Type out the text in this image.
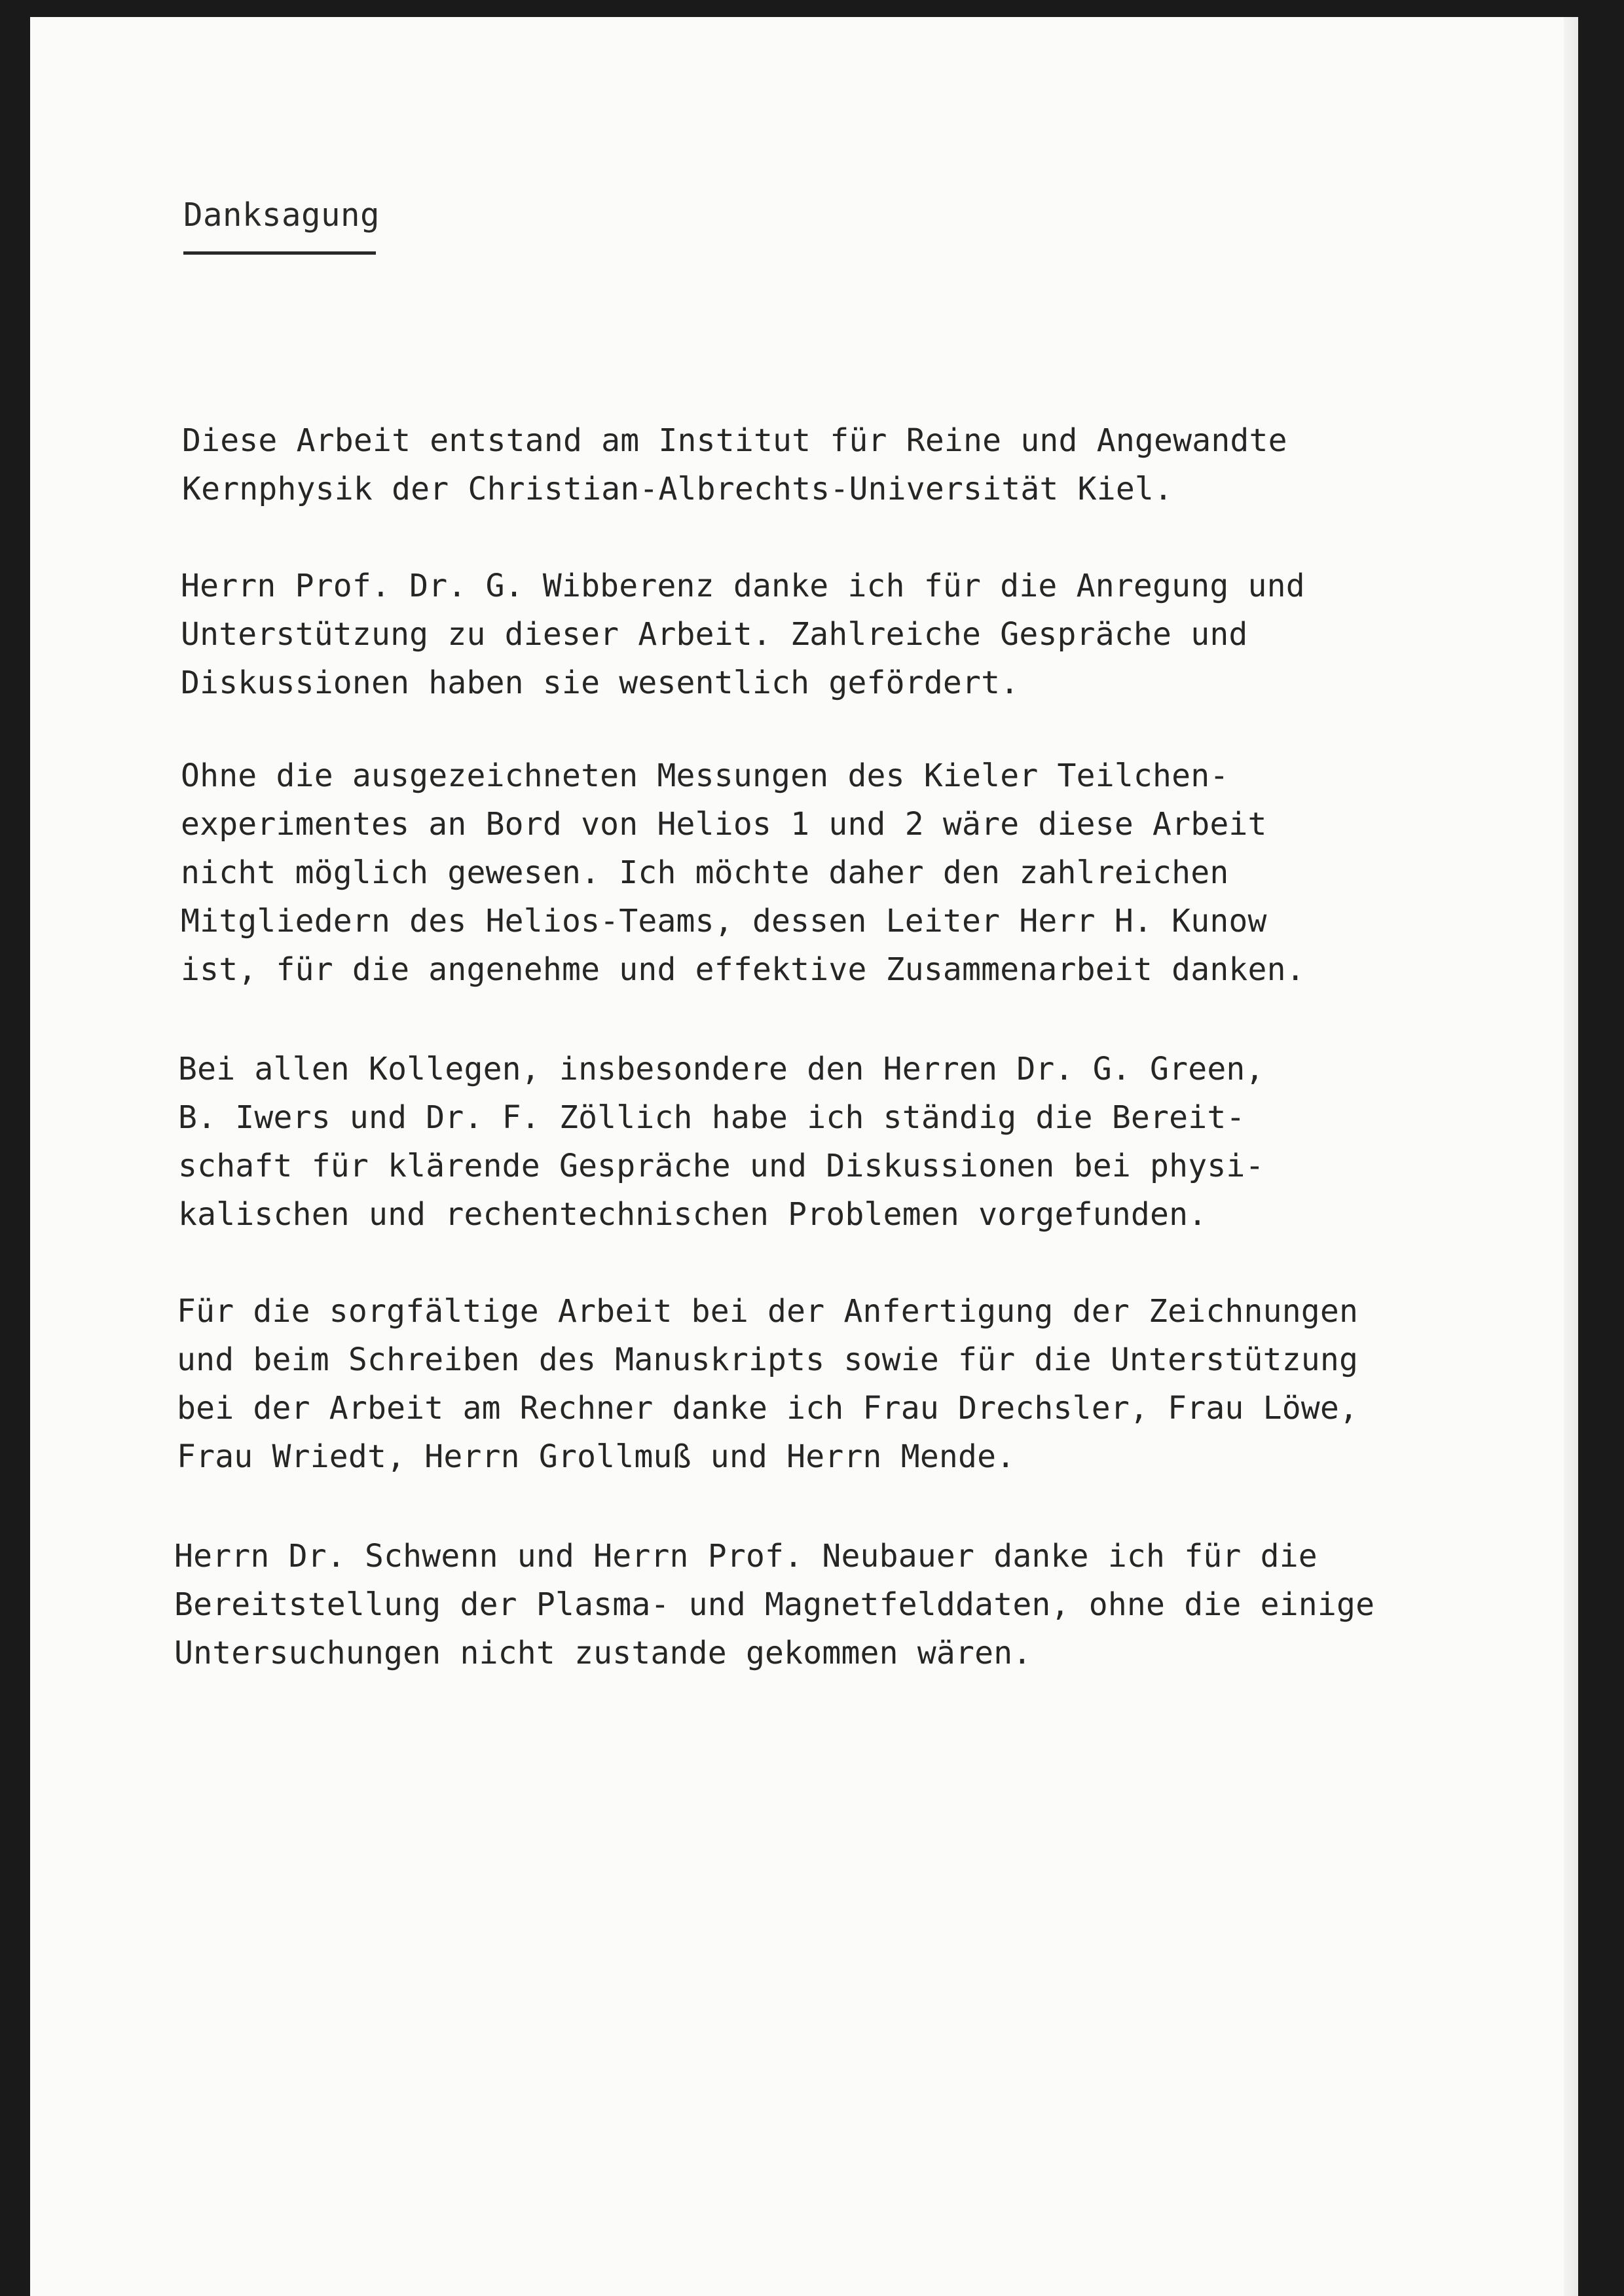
Danksagung

Diese Arbeit entstand am Institut für Reine und Angewandte
Kernphysik der Christian-Albrechts-Universität Kiel.

Herrn Prof. Dr. G. Wibberenz danke ich für die Anregung und
Unterstützung zu dieser Arbeit. Zahlreiche Gespräche und
Diskussionen haben sie wesentlich gefördert.

Ohne die ausgezeichneten Messungen des Kieler Teilchen-
experimentes an Bord von Helios 1 und 2 wäre diese Arbeit
nicht möglich gewesen. Ich möchte daher den zahlreichen
Mitgliedern des Helios-Teams, dessen Leiter Herr H. Kunow
ist, für die angenehme und effektive Zusammenarbeit danken.

Bei allen Kollegen, insbesondere den Herren Dr. G. Green,
B. Iwers und Dr. F. Zöllich habe ich ständig die Bereit-
schaft für klärende Gespräche und Diskussionen bei physi-
kalischen und rechentechnischen Problemen vorgefunden.

Für die sorgfältige Arbeit bei der Anfertigung der Zeichnungen
und beim Schreiben des Manuskripts sowie für die Unterstützung
bei der Arbeit am Rechner danke ich Frau Drechsler, Frau Löwe,
Frau Wriedt, Herrn Grollmuß und Herrn Mende.

Herrn Dr. Schwenn und Herrn Prof. Neubauer danke ich für die
Bereitstellung der Plasma- und Magnetfelddaten, ohne die einige
Untersuchungen nicht zustande gekommen wären.
